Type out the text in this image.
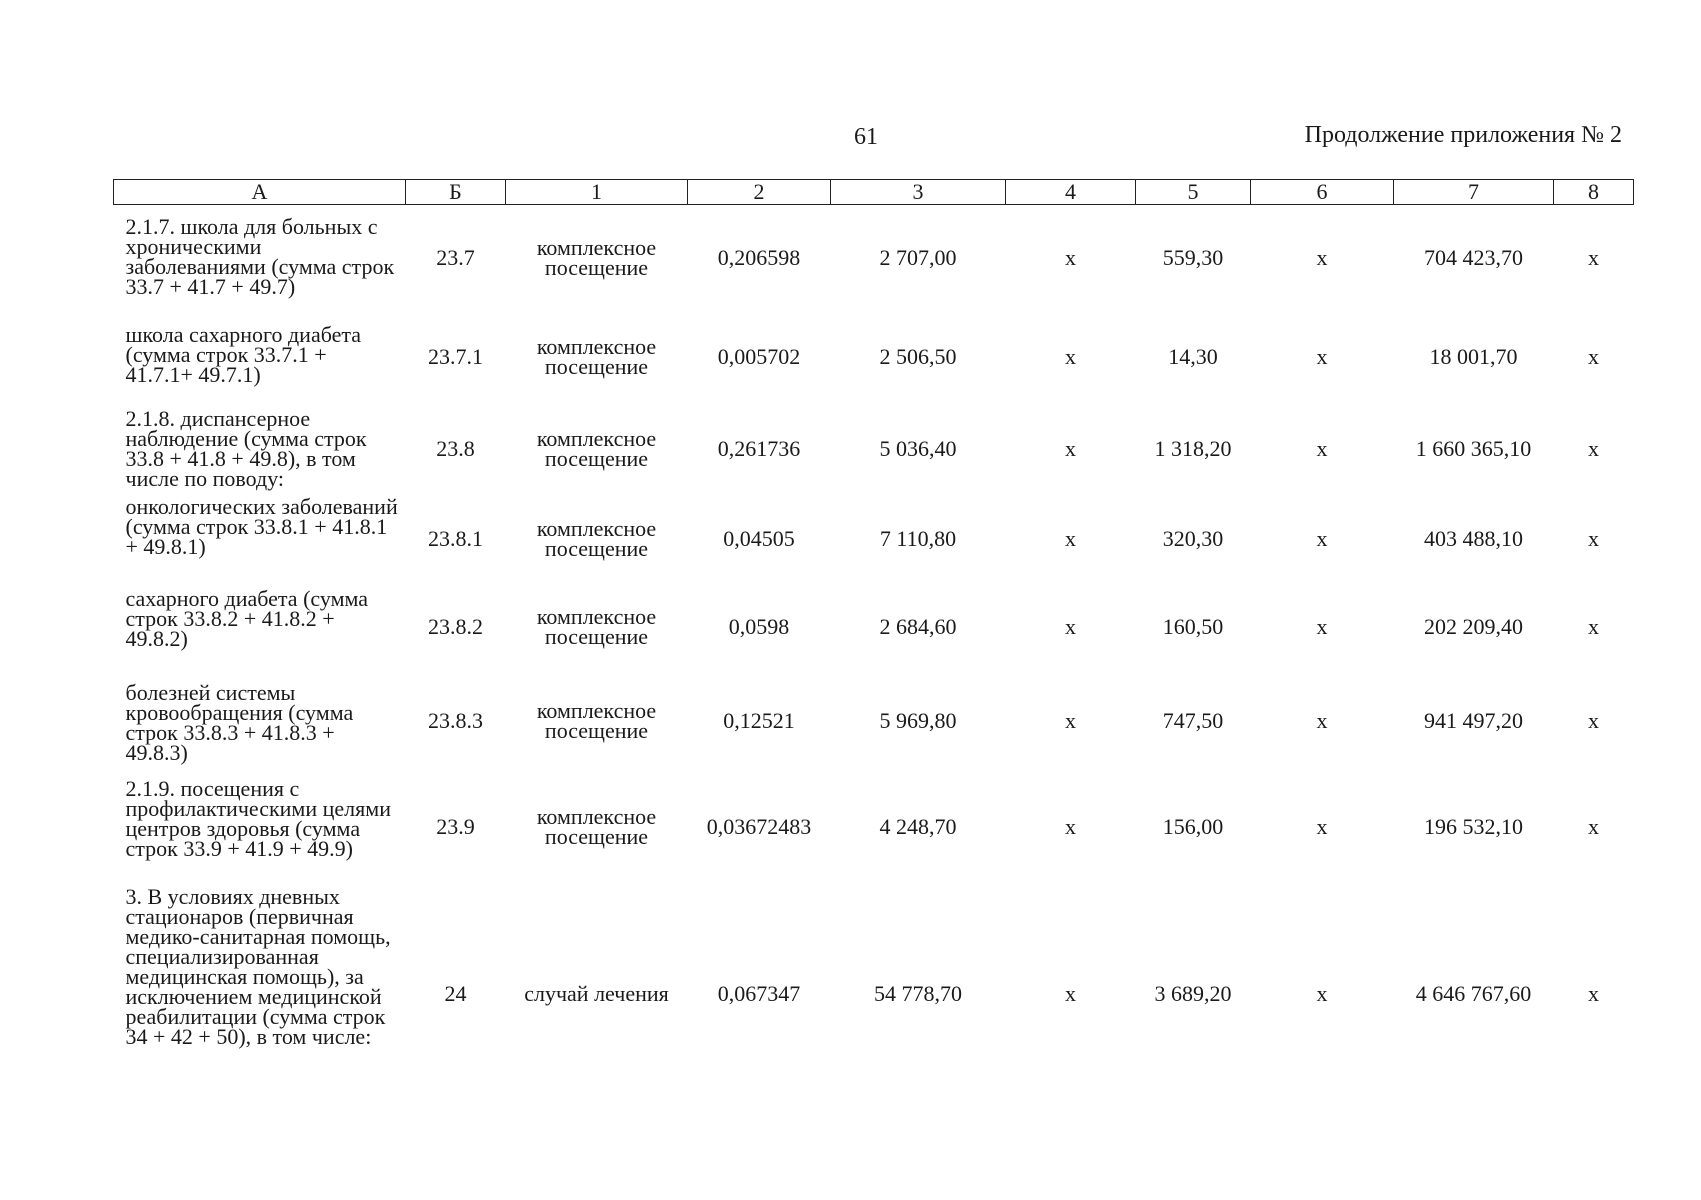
61	Продолжение приложения № 2
А	Б	1	2	3	4	5	6	7	8
2.1.7. школа для больных с хроническими заболеваниями (сумма строк 33.7 + 41.7 + 49.7)	23.7	комплексное посещение	0,206598	2 707,00	х	559,30	х	704 423,70	х
школа сахарного диабета (сумма строк 33.7.1 + 41.7.1+ 49.7.1)	23.7.1	комплексное посещение	0,005702	2 506,50	х	14,30	х	18 001,70	х
2.1.8. диспансерное наблюдение (сумма строк 33.8 + 41.8 + 49.8), в том числе по поводу:	23.8	комплексное посещение	0,261736	5 036,40	х	1 318,20	х	1 660 365,10	х
онкологических заболеваний (сумма строк 33.8.1 + 41.8.1 + 49.8.1)	23.8.1	комплексное посещение	0,04505	7 110,80	х	320,30	х	403 488,10	х
сахарного диабета (сумма строк 33.8.2 + 41.8.2 + 49.8.2)	23.8.2	комплексное посещение	0,0598	2 684,60	х	160,50	х	202 209,40	х
болезней системы кровообращения (сумма строк 33.8.3 + 41.8.3 + 49.8.3)	23.8.3	комплексное посещение	0,12521	5 969,80	х	747,50	х	941 497,20	х
2.1.9. посещения с профилактическими целями центров здоровья (сумма строк 33.9 + 41.9 + 49.9)	23.9	комплексное посещение	0,03672483	4 248,70	х	156,00	х	196 532,10	х
3. В условиях дневных стационаров (первичная медико-санитарная помощь, специализированная медицинская помощь), за исключением медицинской реабилитации (сумма строк 34 + 42 + 50), в том числе:	24	случай лечения	0,067347	54 778,70	х	3 689,20	х	4 646 767,60	х
